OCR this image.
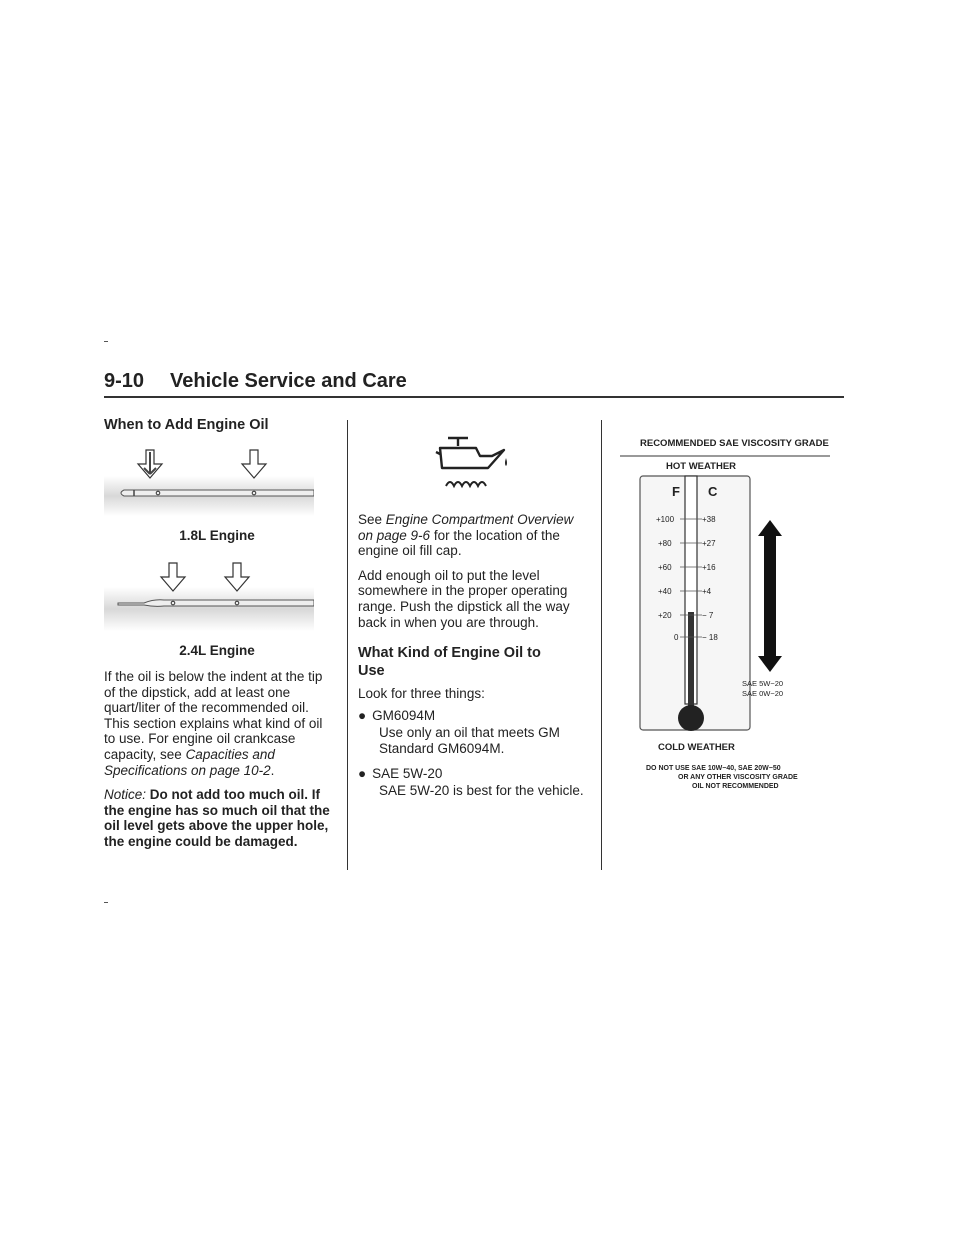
9-10 Vehicle Service and Care
When to Add Engine Oil

1.8L Engine

2.4L Engine

If the oil is below the indent at the tip of the dipstick, add at least one quart/liter of the recommended oil. This section explains what kind of oil to use. For engine oil crankcase capacity, see Capacities and Specifications on page 10-2.

Notice: Do not add too much oil. If the engine has so much oil that the oil level gets above the upper hole, the engine could be damaged.

See Engine Compartment Overview on page 9-6 for the location of the engine oil fill cap.

Add enough oil to put the level somewhere in the proper operating range. Push the dipstick all the way back in when you are through.

What Kind of Engine Oil to Use

Look for three things:

● GM6094M
Use only an oil that meets GM Standard GM6094M.
● SAE 5W-20
SAE 5W-20 is best for the vehicle.
RECOMMENDED SAE VISCOSITY GRADE
HOT WEATHER
F C
+100
+80
+60
+40
+20
0
+38
+27
+16
+4
− 7
− 18
SAE 5W−20
SAE 0W−20
COLD WEATHER
DO NOT USE SAE 10W−40, SAE 20W−50
OR ANY OTHER VISCOSITY GRADE
OIL NOT RECOMMENDED
